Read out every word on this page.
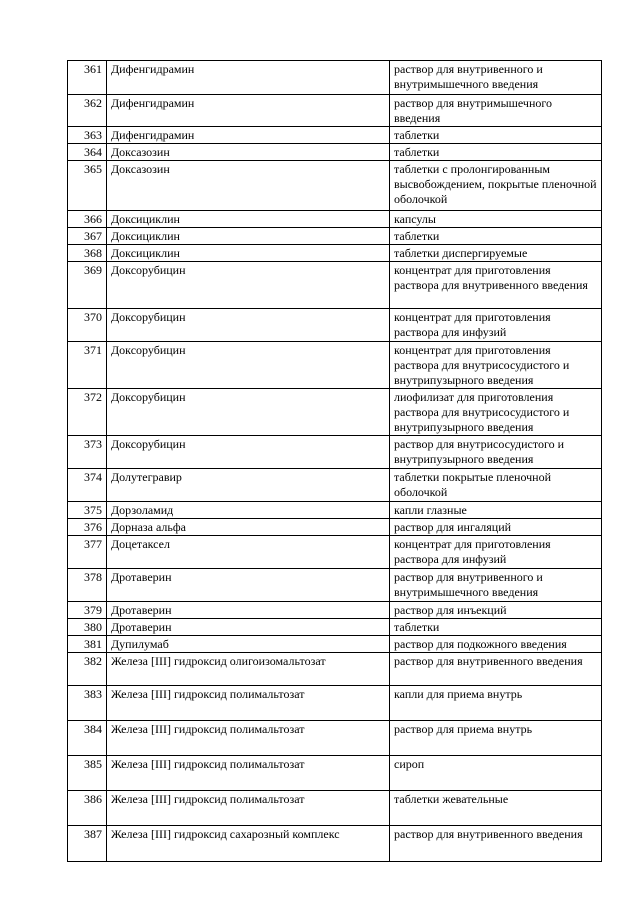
361	Дифенгидрамин	раствор для внутривенного и внутримышечного введения
362	Дифенгидрамин	раствор для внутримышечного введения
363	Дифенгидрамин	таблетки
364	Доксазозин	таблетки
365	Доксазозин	таблетки с пролонгированным высвобождением, покрытые пленочной оболочкой
366	Доксициклин	капсулы
367	Доксициклин	таблетки
368	Доксициклин	таблетки диспергируемые
369	Доксорубицин	концентрат для приготовления раствора для внутривенного введения
370	Доксорубицин	концентрат для приготовления раствора для инфузий
371	Доксорубицин	концентрат для приготовления раствора для внутрисосудистого и внутрипузырного введения
372	Доксорубицин	лиофилизат для приготовления раствора для внутрисосудистого и внутрипузырного введения
373	Доксорубицин	раствор для внутрисосудистого и внутрипузырного введения
374	Долутегравир	таблетки покрытые пленочной оболочкой
375	Дорзоламид	капли глазные
376	Дорназа альфа	раствор для ингаляций
377	Доцетаксел	концентрат для приготовления раствора для инфузий
378	Дротаверин	раствор для внутривенного и внутримышечного введения
379	Дротаверин	раствор для инъекций
380	Дротаверин	таблетки
381	Дупилумаб	раствор для подкожного введения
382	Железа [III] гидроксид олигоизомальтозат	раствор для внутривенного введения
383	Железа [III] гидроксид полимальтозат	капли для приема внутрь
384	Железа [III] гидроксид полимальтозат	раствор для приема внутрь
385	Железа [III] гидроксид полимальтозат	сироп
386	Железа [III] гидроксид полимальтозат	таблетки жевательные
387	Железа [III] гидроксид сахарозный комплекс	раствор для внутривенного введения
